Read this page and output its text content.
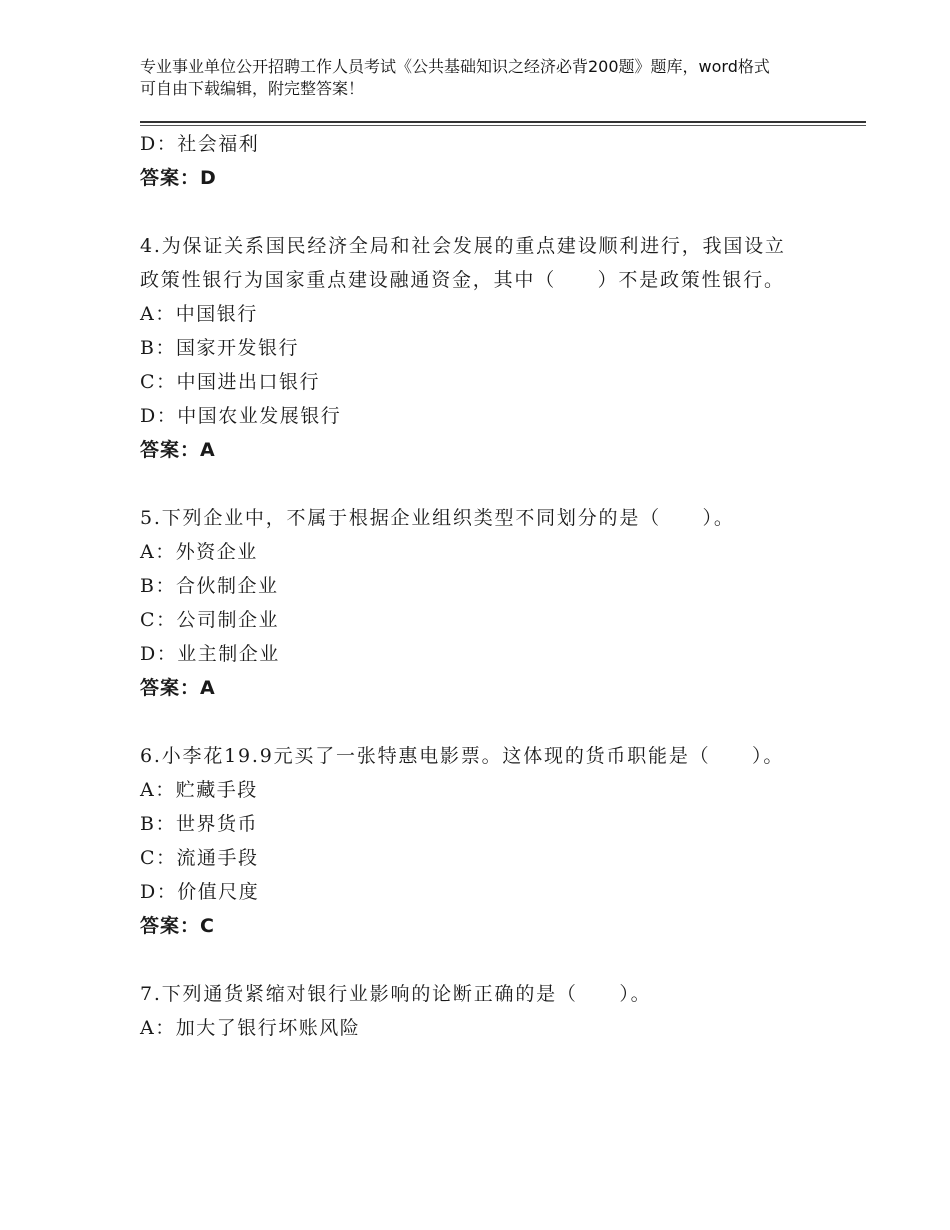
专业事业单位公开招聘工作人员考试《公共基础知识之经济必背200题》题库，word格式可自由下载编辑，附完整答案！
D：社会福利
答案：D
4.为保证关系国民经济全局和社会发展的重点建设顺利进行，我国设立政策性银行为国家重点建设融通资金，其中（　　）不是政策性银行。
A：中国银行
B：国家开发银行
C：中国进出口银行
D：中国农业发展银行
答案：A
5.下列企业中，不属于根据企业组织类型不同划分的是（　　）。
A：外资企业
B：合伙制企业
C：公司制企业
D：业主制企业
答案：A
6.小李花19.9元买了一张特惠电影票。这体现的货币职能是（　　）。
A：贮藏手段
B：世界货币
C：流通手段
D：价值尺度
答案：C
7.下列通货紧缩对银行业影响的论断正确的是（　　）。
A：加大了银行坏账风险
